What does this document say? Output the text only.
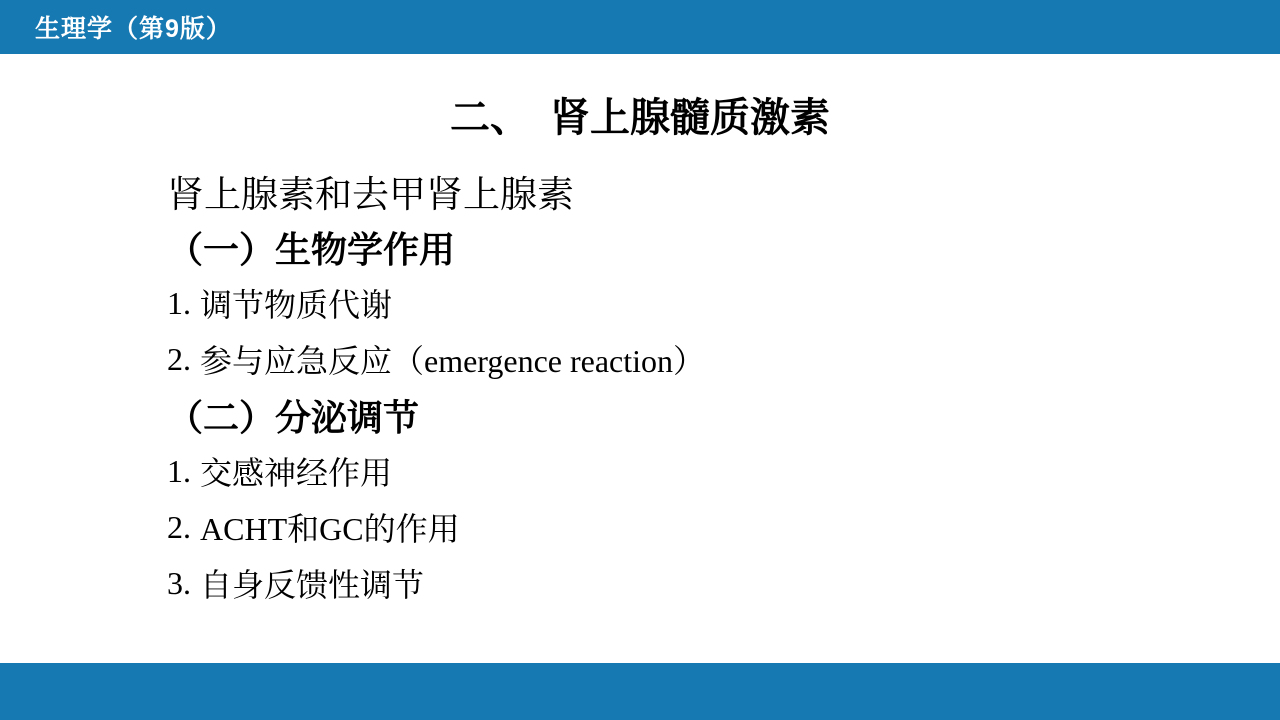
生理学（第9版）
二、　肾上腺髓质激素
肾上腺素和去甲肾上腺素
（一）生物学作用
1. 调节物质代谢
2. 参与应急反应（emergence reaction）
（二）分泌调节
1. 交感神经作用
2. ACHT和GC的作用
3. 自身反馈性调节
